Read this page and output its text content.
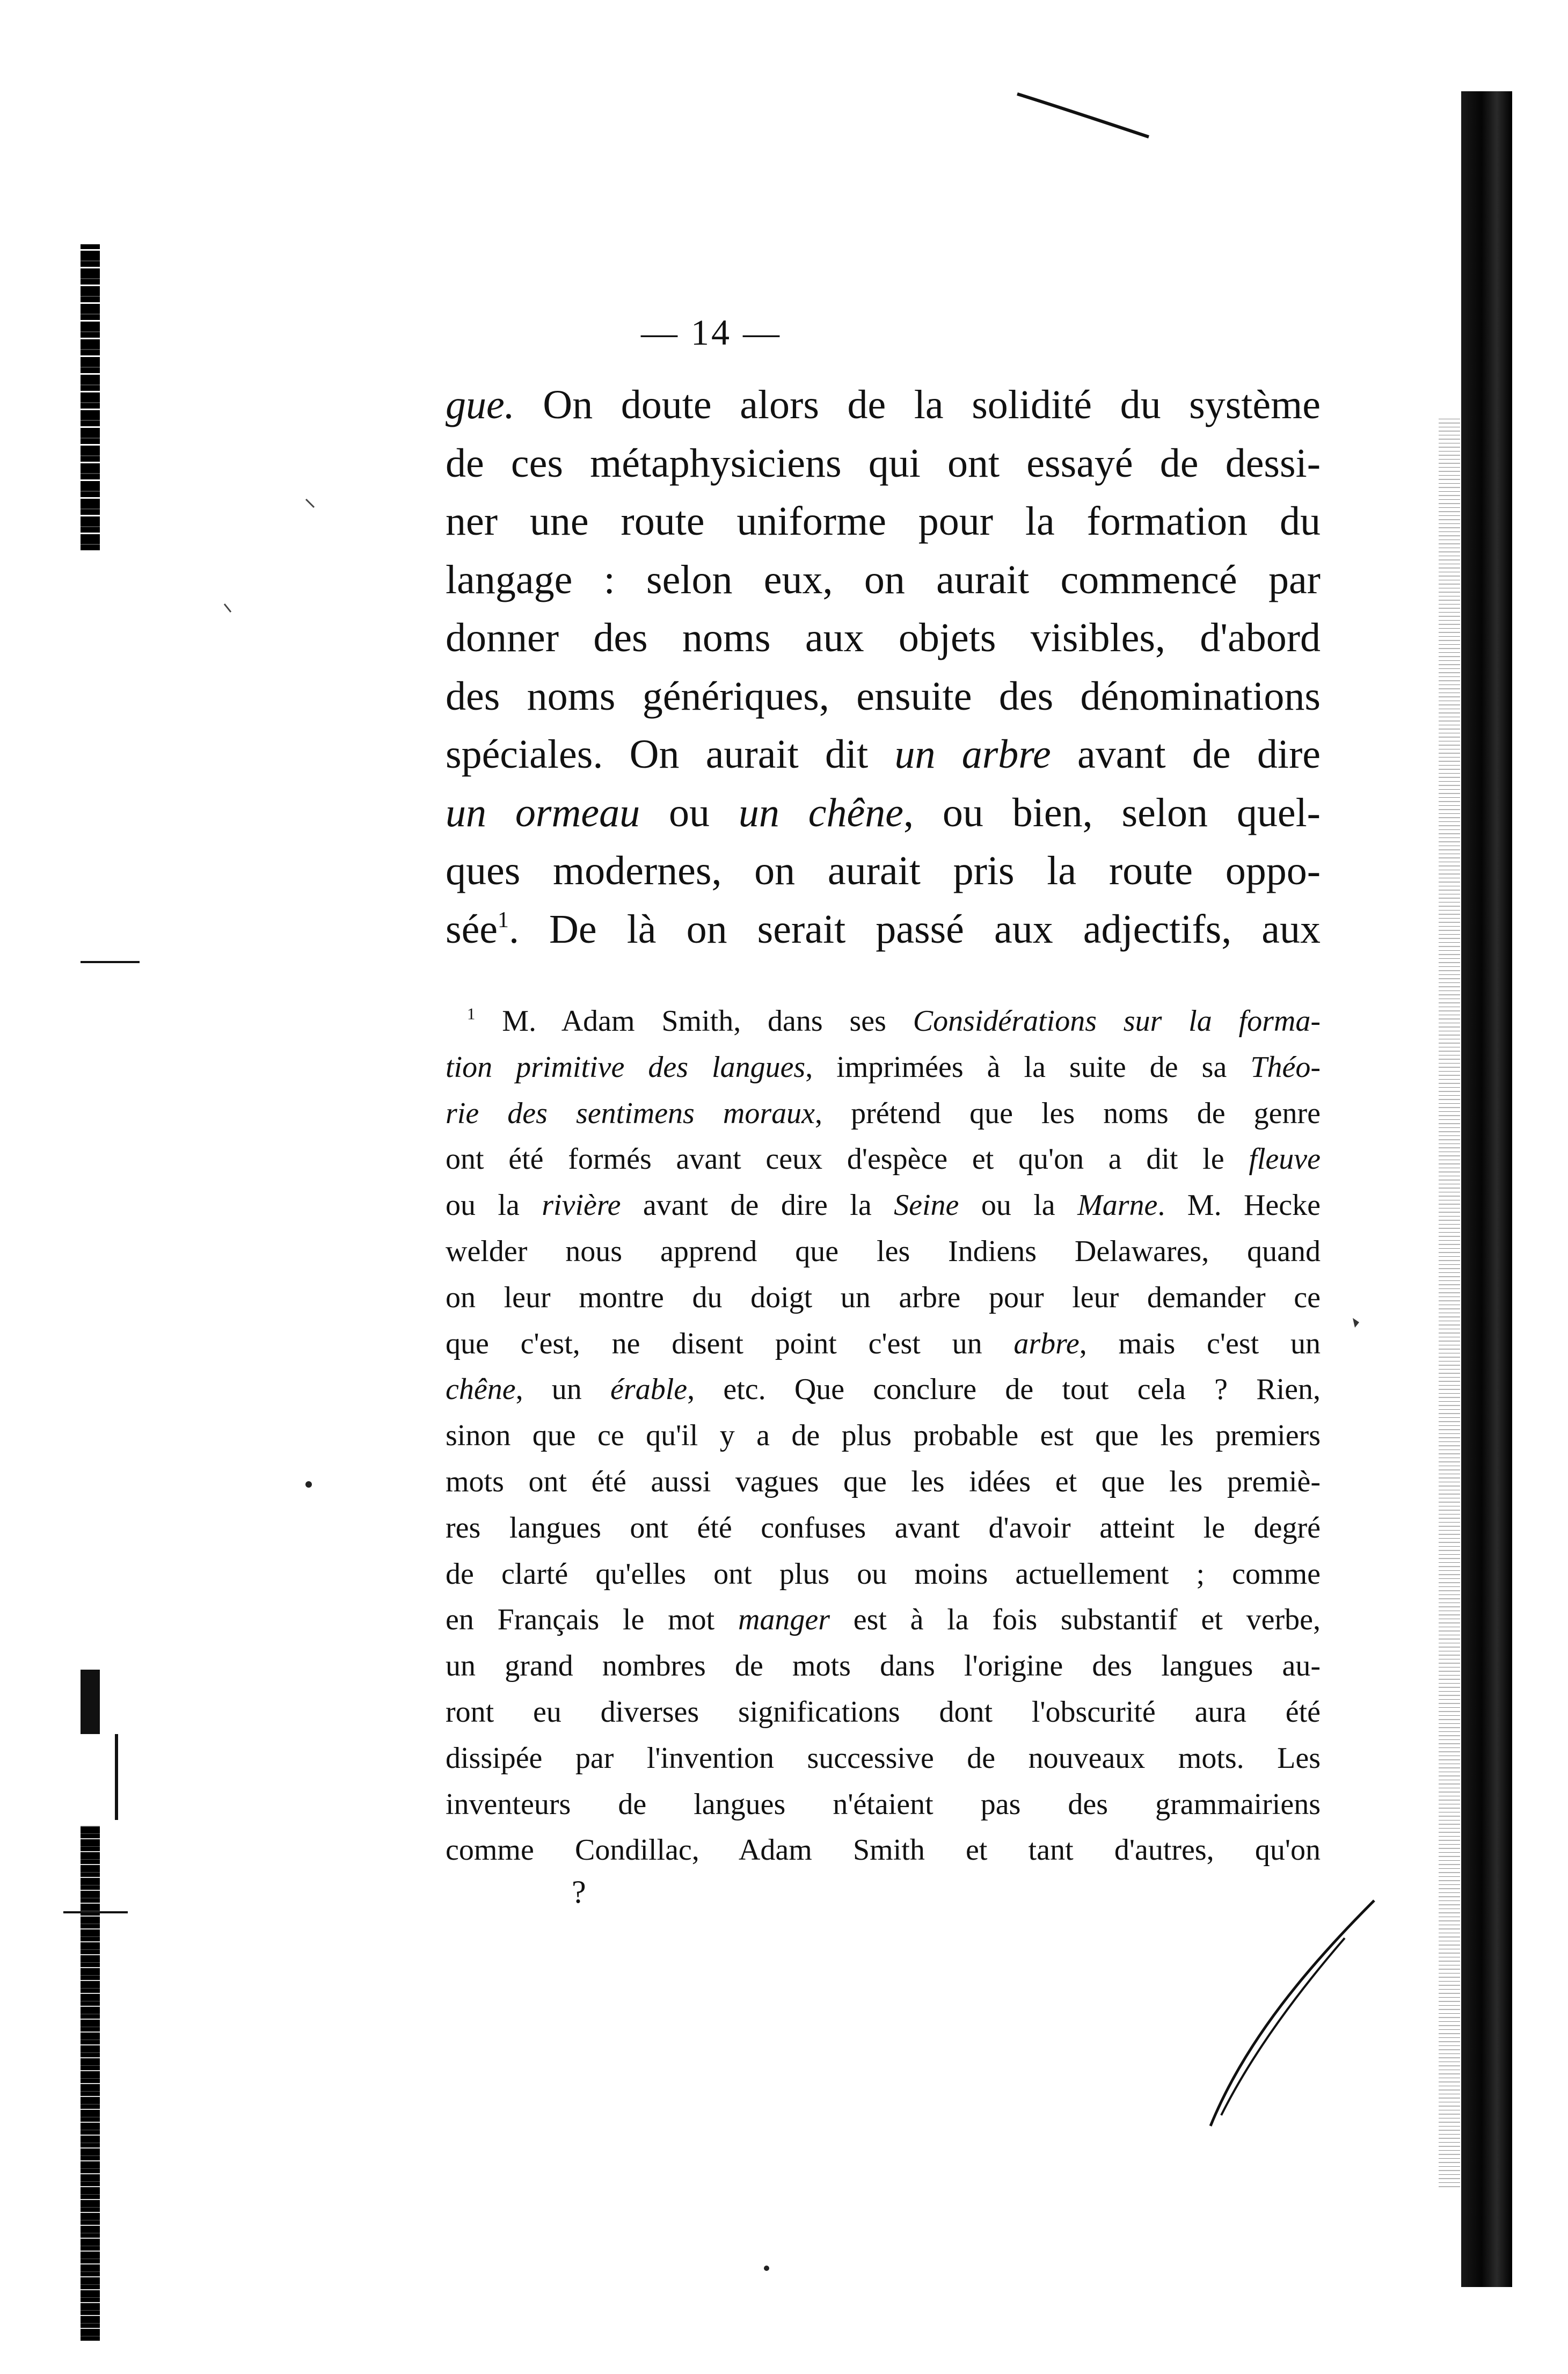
— 14 —
gue. On doute alors de la solidité du système
de ces métaphysiciens qui ont essayé de dessi-
ner une route uniforme pour la formation du
langage : selon eux, on aurait commencé par
donner des noms aux objets visibles, d'abord
des noms génériques, ensuite des dénominations
spéciales. On aurait dit un arbre avant de dire
un ormeau ou un chêne, ou bien, selon quel-
ques modernes, on aurait pris la route oppo-
sée$^1$. De là on serait passé aux adjectifs, aux
$^1$ M. Adam Smith, dans ses Considérations sur la forma-
tion primitive des langues, imprimées à la suite de sa Théo-
rie des sentimens moraux, prétend que les noms de genre
ont été formés avant ceux d'espèce et qu'on a dit le fleuve
ou la rivière avant de dire la Seine ou la Marne. M. Hecke
welder nous apprend que les Indiens Delawares, quand
on leur montre du doigt un arbre pour leur demander ce
que c'est, ne disent point c'est un arbre, mais c'est un
chêne, un érable, etc. Que conclure de tout cela ? Rien,
sinon que ce qu'il y a de plus probable est que les premiers
mots ont été aussi vagues que les idées et que les premiè-
res langues ont été confuses avant d'avoir atteint le degré
de clarté qu'elles ont plus ou moins actuellement ; comme
en Français le mot manger est à la fois substantif et verbe,
un grand nombres de mots dans l'origine des langues au-
ront eu diverses significations dont l'obscurité aura été
dissipée par l'invention successive de nouveaux mots. Les
inventeurs de langues n'étaient pas des grammairiens
comme Condillac, Adam Smith et tant d'autres, qu'on
?
